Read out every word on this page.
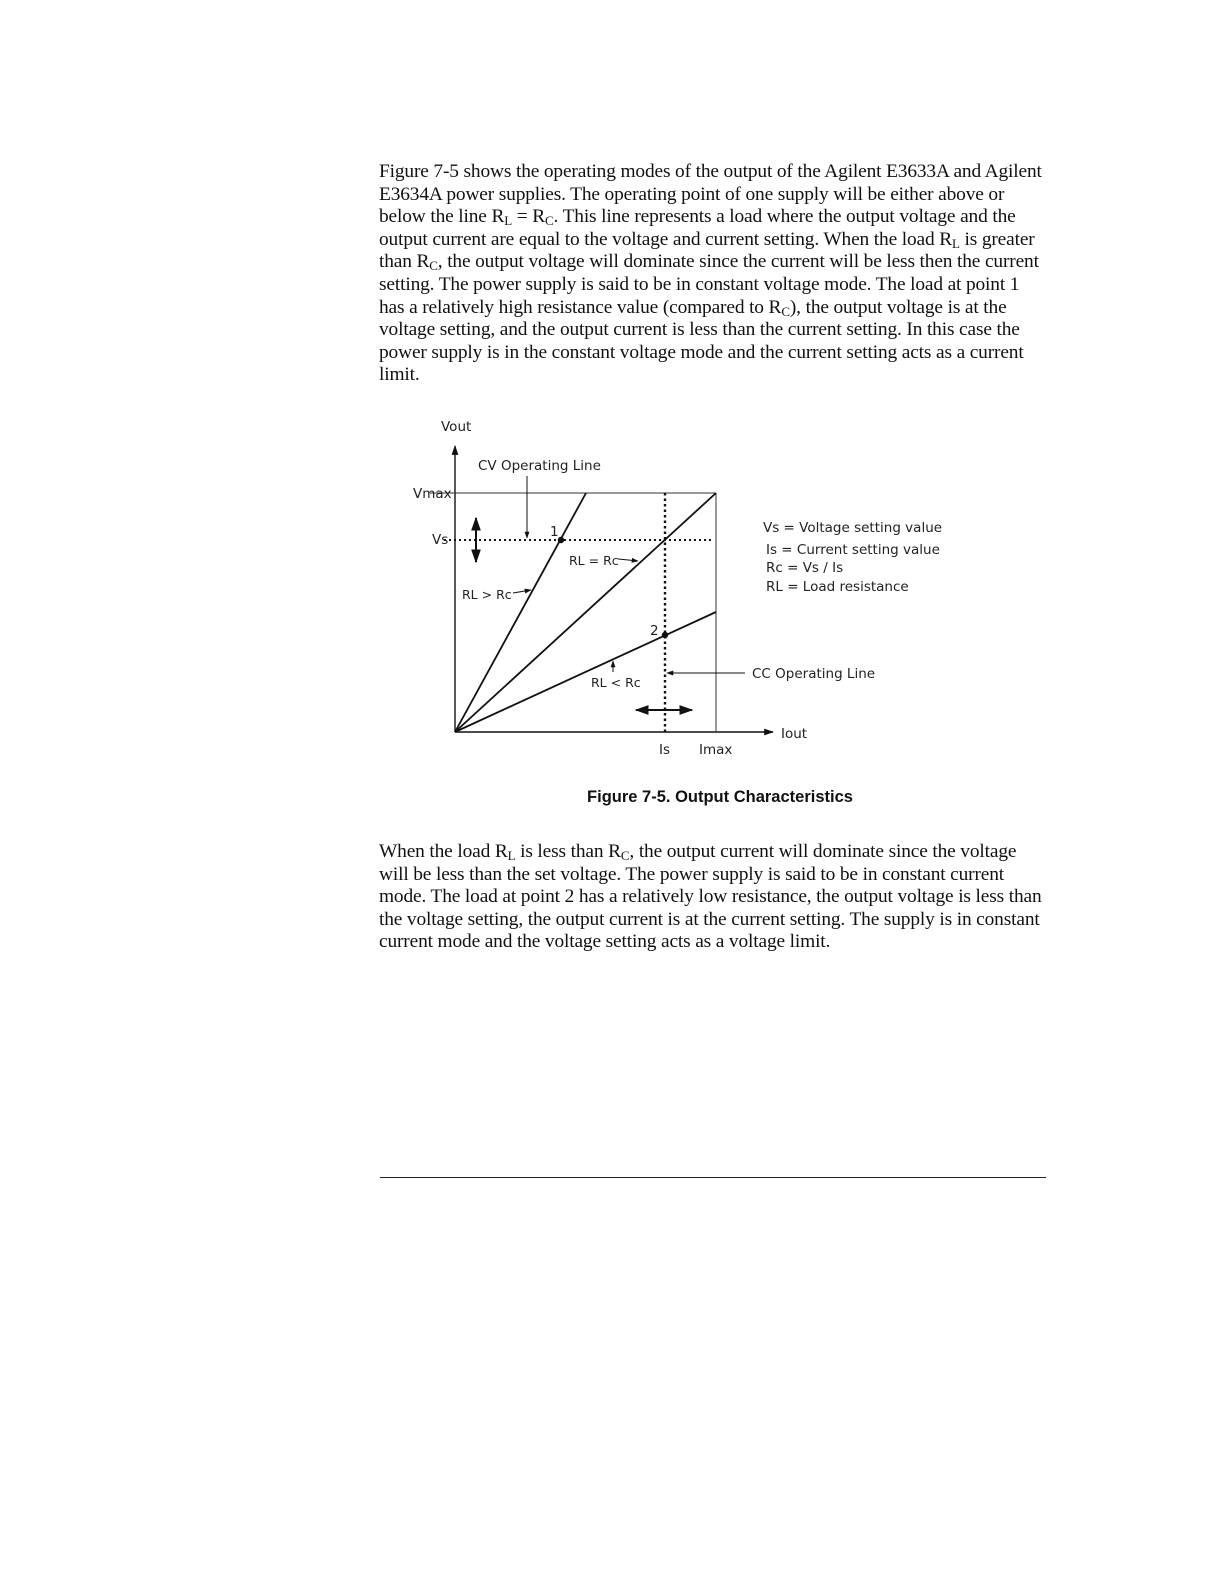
Figure 7-5 shows the operating modes of the output of the Agilent E3633A and Agilent E3634A power supplies. The operating point of one supply will be either above or below the line $R_L = R_C$. This line represents a load where the output voltage and the output current are equal to the voltage and current setting. When the load $R_L$ is greater than $R_C$, the output voltage will dominate since the current will be less then the current setting. The power supply is said to be in constant voltage mode. The load at point 1 has a relatively high resistance value (compared to $R_C$), the output voltage is at the voltage setting, and the output current is less than the current setting. In this case the power supply is in the constant voltage mode and the current setting acts as a current limit.

Vout
CV Operating Line
Vmax
Vs	1
RL = Rc
RL > Rc
2
RL < Rc
CC Operating Line
Iout
Is Imax
Vs = Voltage setting value
Is = Current setting value
Rc = Vs / Is
RL = Load resistance

Figure 7-5. Output Characteristics

When the load $R_L$ is less than $R_C$, the output current will dominate since the voltage will be less than the set voltage. The power supply is said to be in constant current mode. The load at point 2 has a relatively low resistance, the output voltage is less than the voltage setting, the output current is at the current setting. The supply is in constant current mode and the voltage setting acts as a voltage limit.
